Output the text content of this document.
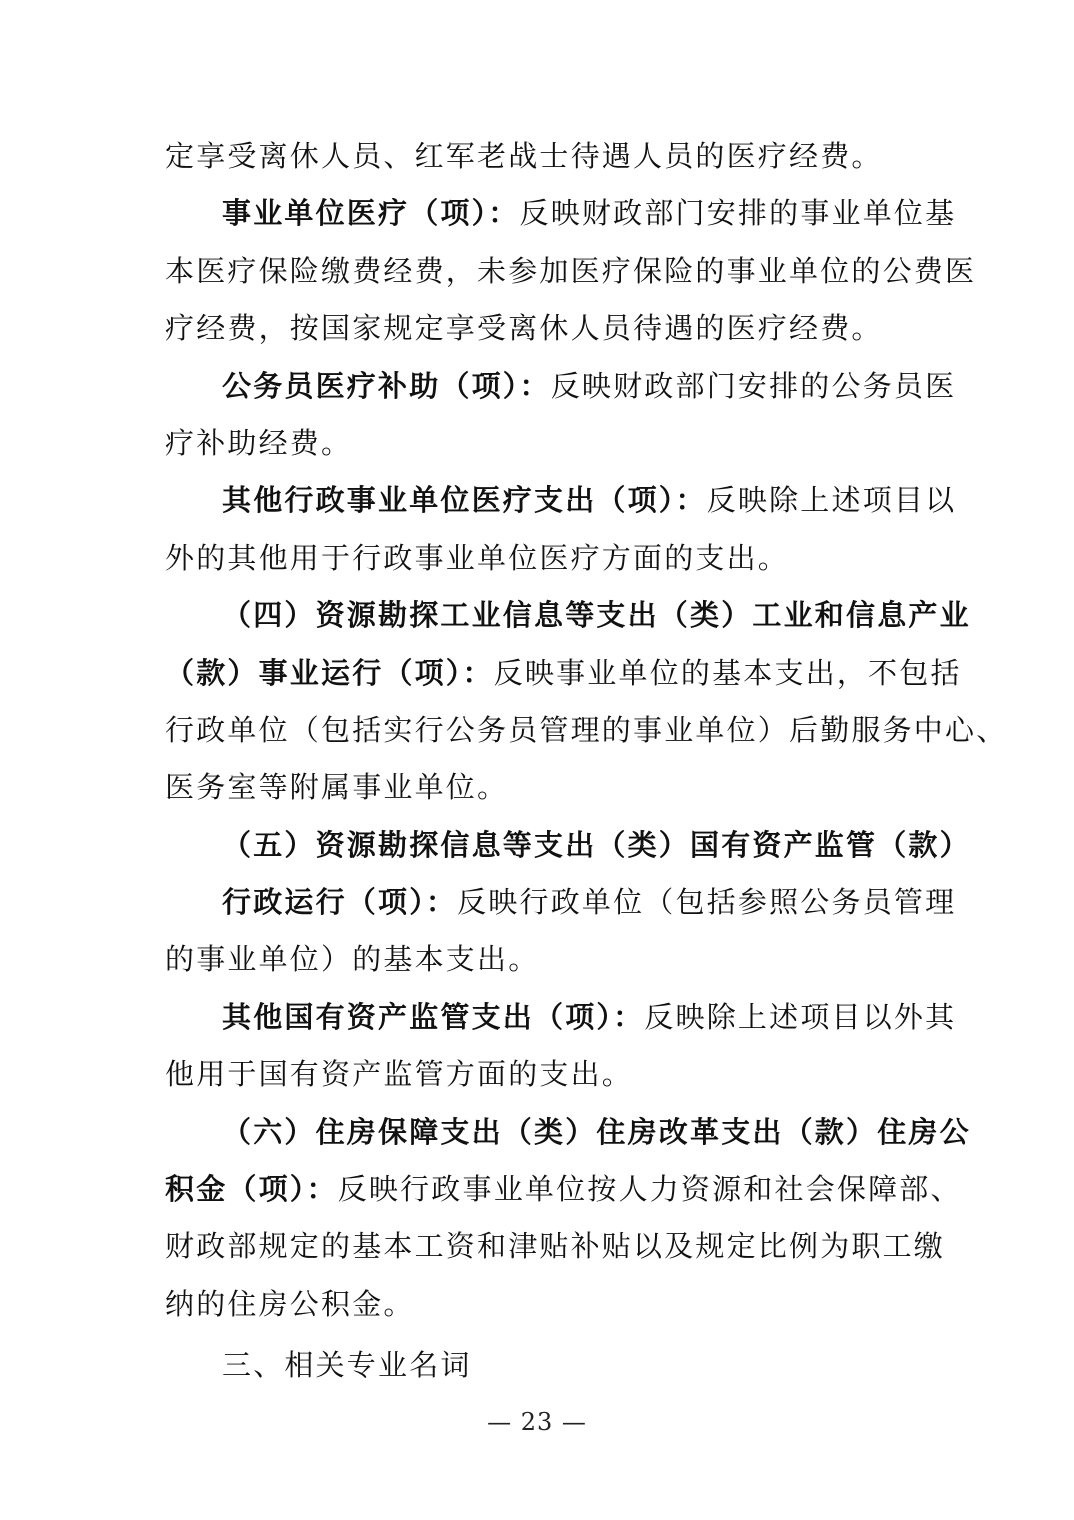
定享受离休人员、红军老战士待遇人员的医疗经费。
事业单位医疗（项）：反映财政部门安排的事业单位基
本医疗保险缴费经费，未参加医疗保险的事业单位的公费医
疗经费，按国家规定享受离休人员待遇的医疗经费。
公务员医疗补助（项）：反映财政部门安排的公务员医
疗补助经费。
其他行政事业单位医疗支出（项）：反映除上述项目以
外的其他用于行政事业单位医疗方面的支出。
（四）资源勘探工业信息等支出（类）工业和信息产业
（款）事业运行（项）：反映事业单位的基本支出，不包括
行政单位（包括实行公务员管理的事业单位）后勤服务中心、
医务室等附属事业单位。
（五）资源勘探信息等支出（类）国有资产监管（款）
行政运行（项）：反映行政单位（包括参照公务员管理
的事业单位）的基本支出。
其他国有资产监管支出（项）：反映除上述项目以外其
他用于国有资产监管方面的支出。
（六）住房保障支出（类）住房改革支出（款）住房公
积金（项）：反映行政事业单位按人力资源和社会保障部、
财政部规定的基本工资和津贴补贴以及规定比例为职工缴
纳的住房公积金。
三、相关专业名词
— 23 —
